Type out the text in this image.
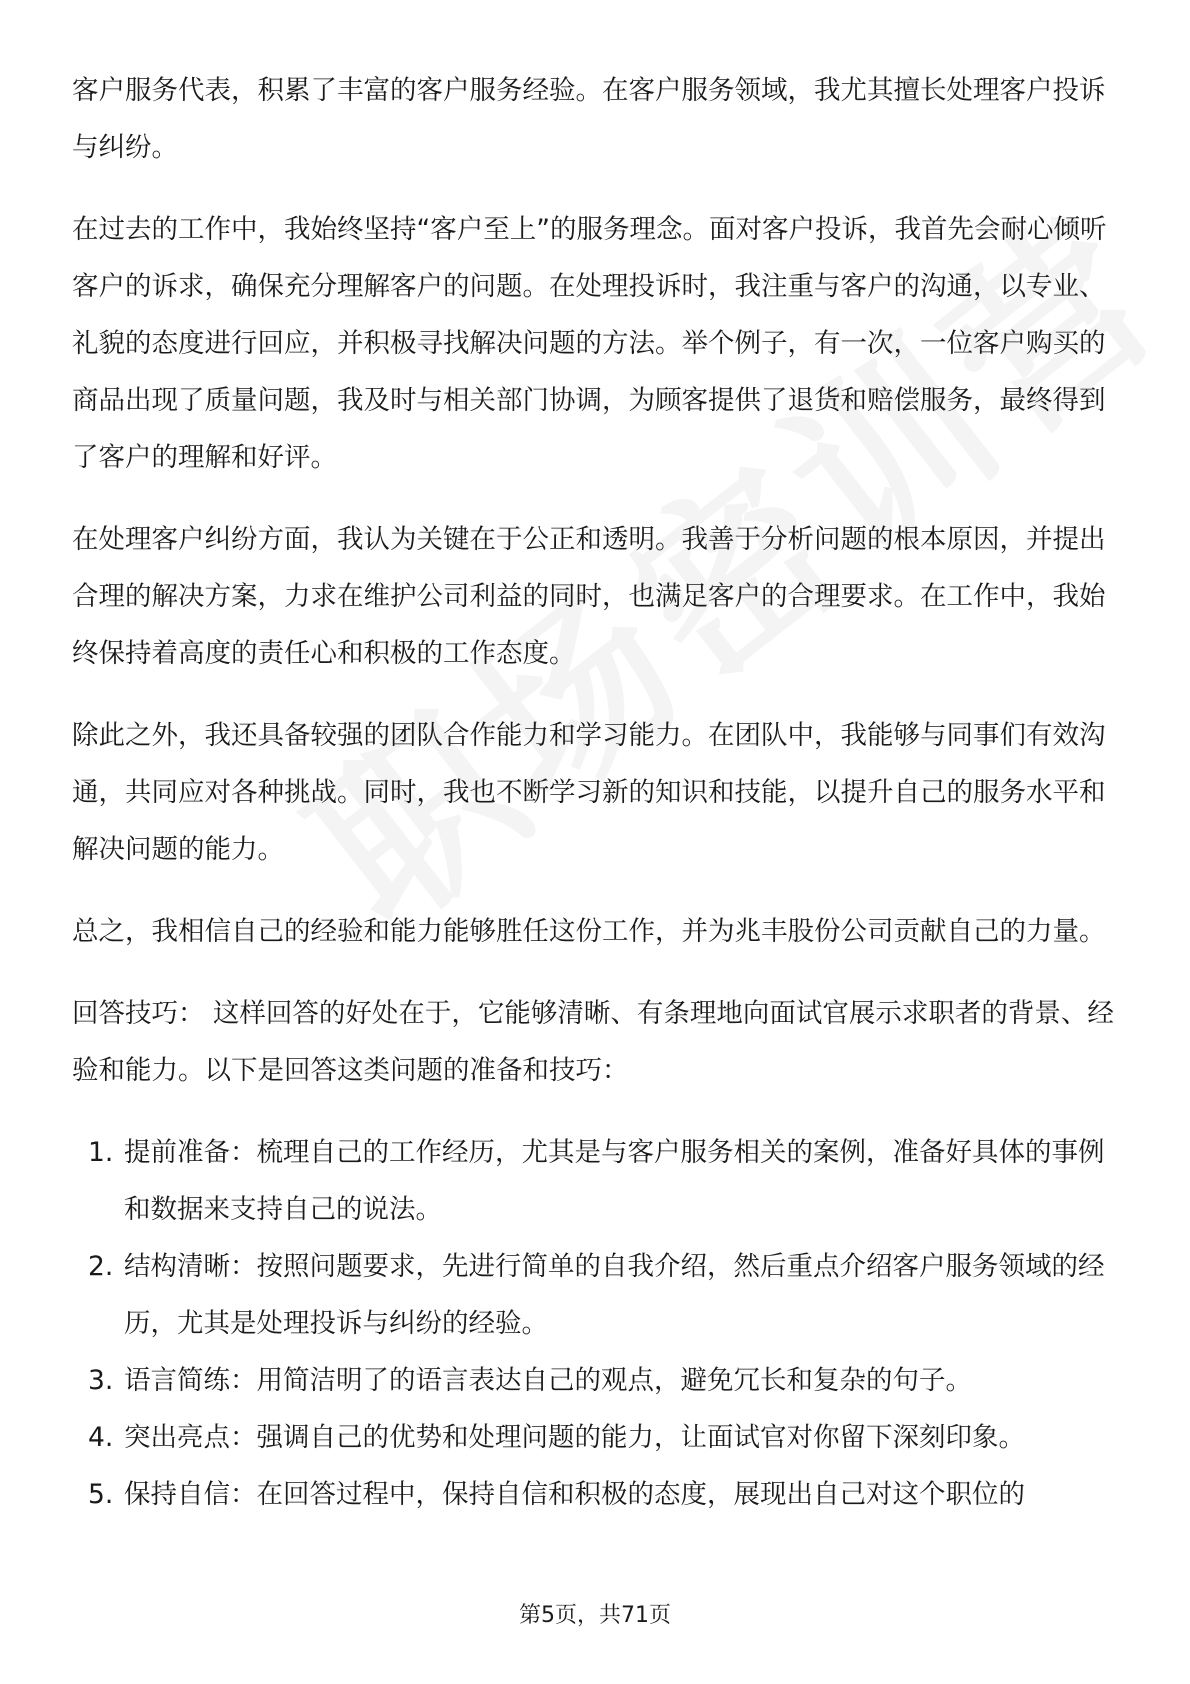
客户服务代表，积累了丰富的客户服务经验。在客户服务领域，我尤其擅长处理客户投诉与纠纷。

在过去的工作中，我始终坚持“客户至上”的服务理念。面对客户投诉，我首先会耐心倾听客户的诉求，确保充分理解客户的问题。在处理投诉时，我注重与客户的沟通，以专业、礼貌的态度进行回应，并积极寻找解决问题的方法。举个例子，有一次，一位客户购买的商品出现了质量问题，我及时与相关部门协调，为顾客提供了退货和赔偿服务，最终得到了客户的理解和好评。

在处理客户纠纷方面，我认为关键在于公正和透明。我善于分析问题的根本原因，并提出合理的解决方案，力求在维护公司利益的同时，也满足客户的合理要求。在工作中，我始终保持着高度的责任心和积极的工作态度。

除此之外，我还具备较强的团队合作能力和学习能力。在团队中，我能够与同事们有效沟通，共同应对各种挑战。同时，我也不断学习新的知识和技能，以提升自己的服务水平和解决问题的能力。

总之，我相信自己的经验和能力能够胜任这份工作，并为兆丰股份公司贡献自己的力量。

回答技巧： 这样回答的好处在于，它能够清晰、有条理地向面试官展示求职者的背景、经验和能力。以下是回答这类问题的准备和技巧：

1. 提前准备：梳理自己的工作经历，尤其是与客户服务相关的案例，准备好具体的事例和数据来支持自己的说法。
2. 结构清晰：按照问题要求，先进行简单的自我介绍，然后重点介绍客户服务领域的经历，尤其是处理投诉与纠纷的经验。
3. 语言简练：用简洁明了的语言表达自己的观点，避免冗长和复杂的句子。
4. 突出亮点：强调自己的优势和处理问题的能力，让面试官对你留下深刻印象。
5. 保持自信：在回答过程中，保持自信和积极的态度，展现出自己对这个职位的
第5页，共71页
